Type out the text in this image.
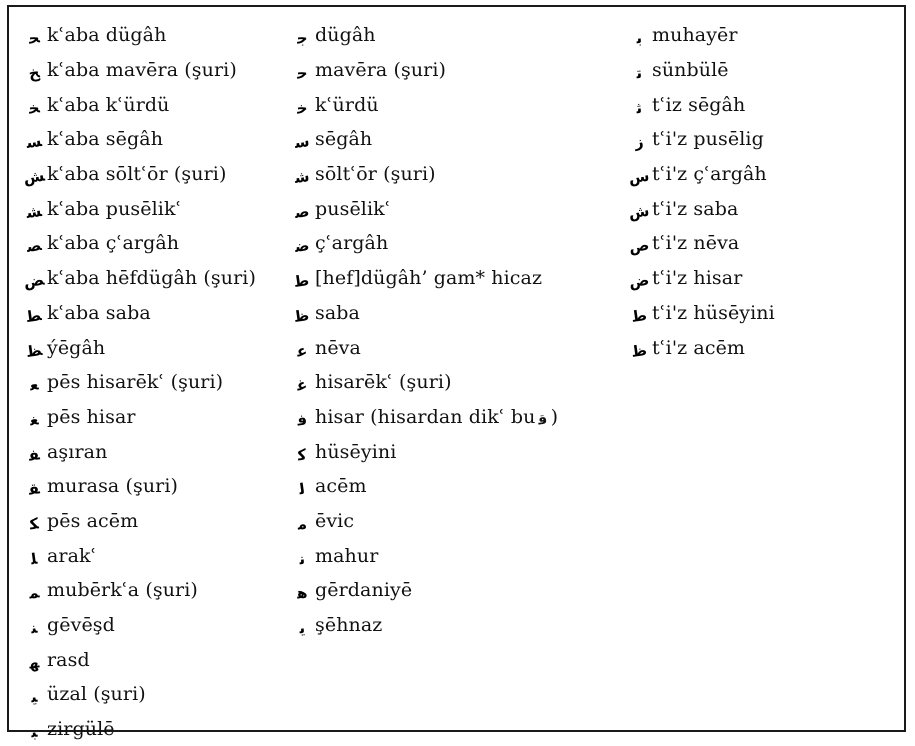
ﺤ kʿaba dügâh
ﺦ kʿaba mavēra (şuri)
ﺨ kʿaba kʿürdü
ﺴ kʿaba sēgâh
ﺶ kʿaba sōltʿōr (şuri)
ﺸ kʿaba pusēlikʿ
ﺼ kʿaba çʿargâh
ﺾ kʿaba hēfdügâh (şuri)
ﻄ kʿaba saba
ﻆ ýēgâh
ﻌ pēs hisarēkʿ (şuri)
ﻐ pēs hisar
ﻔ aşıran
ﻘ murasa (şuri)
ﻜ pēs acēm
ﻠ arakʿ
ﻤ mubērkʿa (şuri)
ﻨ gēvēşd
ﻬ rasd
ﻴ üzal (şuri)
ﺒ zirgülē
ﺟ dügâh
ﺣ mavēra (şuri)
ﺧ kʿürdü
ﺳ sēgâh
ﺷ sōltʿōr (şuri)
ﺻ pusēlikʿ
ﺿ çʿargâh
ﻃ [hef]dügâh’ gam* hicaz
ﻇ saba
ﻋ nēva
ﻏ hisarēkʿ (şuri)
ﻓ hisar (hisardan dikʿ bu ﻗ )
ﻛ hüsēyini
ﻟ acēm
ﻣ ēvic
ﻧ mahur
ﻫ gērdaniyē
ﻳ şēhnaz
ﺑ muhayēr
ﺗ sünbülē
ﺛ tʿiz sēgâh
ﺯ tʿi'z pusēlig
ﺱ tʿi'z çʿargâh
ﺵ tʿi'z saba
ﺹ tʿi'z nēva
ﺽ tʿi'z hisar
ﻁ tʿi'z hüsēyini
ﻅ tʿi'z acēm
